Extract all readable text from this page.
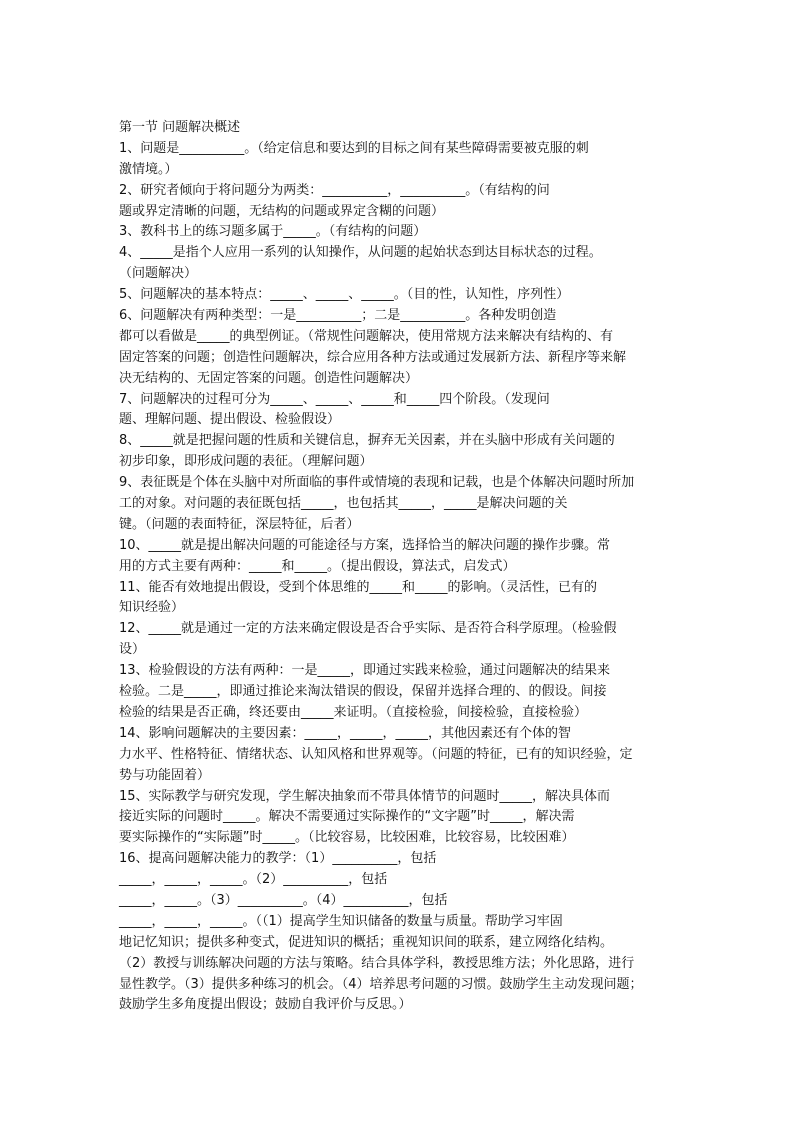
第一节 问题解决概述
1、问题是__________。（给定信息和要达到的目标之间有某些障碍需要被克服的刺
激情境。）
2、研究者倾向于将问题分为两类：__________，__________。（有结构的问
题或界定清晰的问题，无结构的问题或界定含糊的问题）
3、教科书上的练习题多属于_____。（有结构的问题）
4、_____是指个人应用一系列的认知操作，从问题的起始状态到达目标状态的过程。
（问题解决）
5、问题解决的基本特点：_____、_____、_____。（目的性，认知性，序列性）
6、问题解决有两种类型：一是__________；二是__________。各种发明创造
都可以看做是_____的典型例证。（常规性问题解决，使用常规方法来解决有结构的、有
固定答案的问题；创造性问题解决，综合应用各种方法或通过发展新方法、新程序等来解
决无结构的、无固定答案的问题。创造性问题解决）
7、问题解决的过程可分为_____、_____、_____和_____四个阶段。（发现问
题、理解问题、提出假设、检验假设）
8、_____就是把握问题的性质和关键信息，摒弃无关因素，并在头脑中形成有关问题的
初步印象，即形成问题的表征。（理解问题）
9、表征既是个体在头脑中对所面临的事件或情境的表现和记载，也是个体解决问题时所加
工的对象。对问题的表征既包括_____，也包括其_____，_____是解决问题的关
键。（问题的表面特征，深层特征，后者）
10、_____就是提出解决问题的可能途径与方案，选择恰当的解决问题的操作步骤。常
用的方式主要有两种：_____和_____。（提出假设，算法式，启发式）
11、能否有效地提出假设，受到个体思维的_____和_____的影响。（灵活性，已有的
知识经验）
12、_____就是通过一定的方法来确定假设是否合乎实际、是否符合科学原理。（检验假
设）
13、检验假设的方法有两种：一是_____，即通过实践来检验，通过问题解决的结果来
检验。二是_____，即通过推论来淘汰错误的假设，保留并选择合理的、的假设。间接
检验的结果是否正确，终还要由_____来证明。（直接检验，间接检验，直接检验）
14、影响问题解决的主要因素：_____，_____，_____，其他因素还有个体的智
力水平、性格特征、情绪状态、认知风格和世界观等。（问题的特征，已有的知识经验，定
势与功能固着）
15、实际教学与研究发现，学生解决抽象而不带具体情节的问题时_____，解决具体而
接近实际的问题时_____。解决不需要通过实际操作的“文字题”时_____，解决需
要实际操作的“实际题”时_____。（比较容易，比较困难，比较容易，比较困难）
16、提高问题解决能力的教学：（1）__________，包括
_____，_____，_____。（2）__________，包括
_____，_____。（3）__________。（4）__________，包括
_____，_____，_____。（（1）提高学生知识储备的数量与质量。帮助学习牢固
地记忆知识；提供多种变式，促进知识的概括；重视知识间的联系，建立网络化结构。
（2）教授与训练解决问题的方法与策略。结合具体学科，教授思维方法；外化思路，进行
显性教学。（3）提供多种练习的机会。（4）培养思考问题的习惯。鼓励学生主动发现问题；
鼓励学生多角度提出假设；鼓励自我评价与反思。）
